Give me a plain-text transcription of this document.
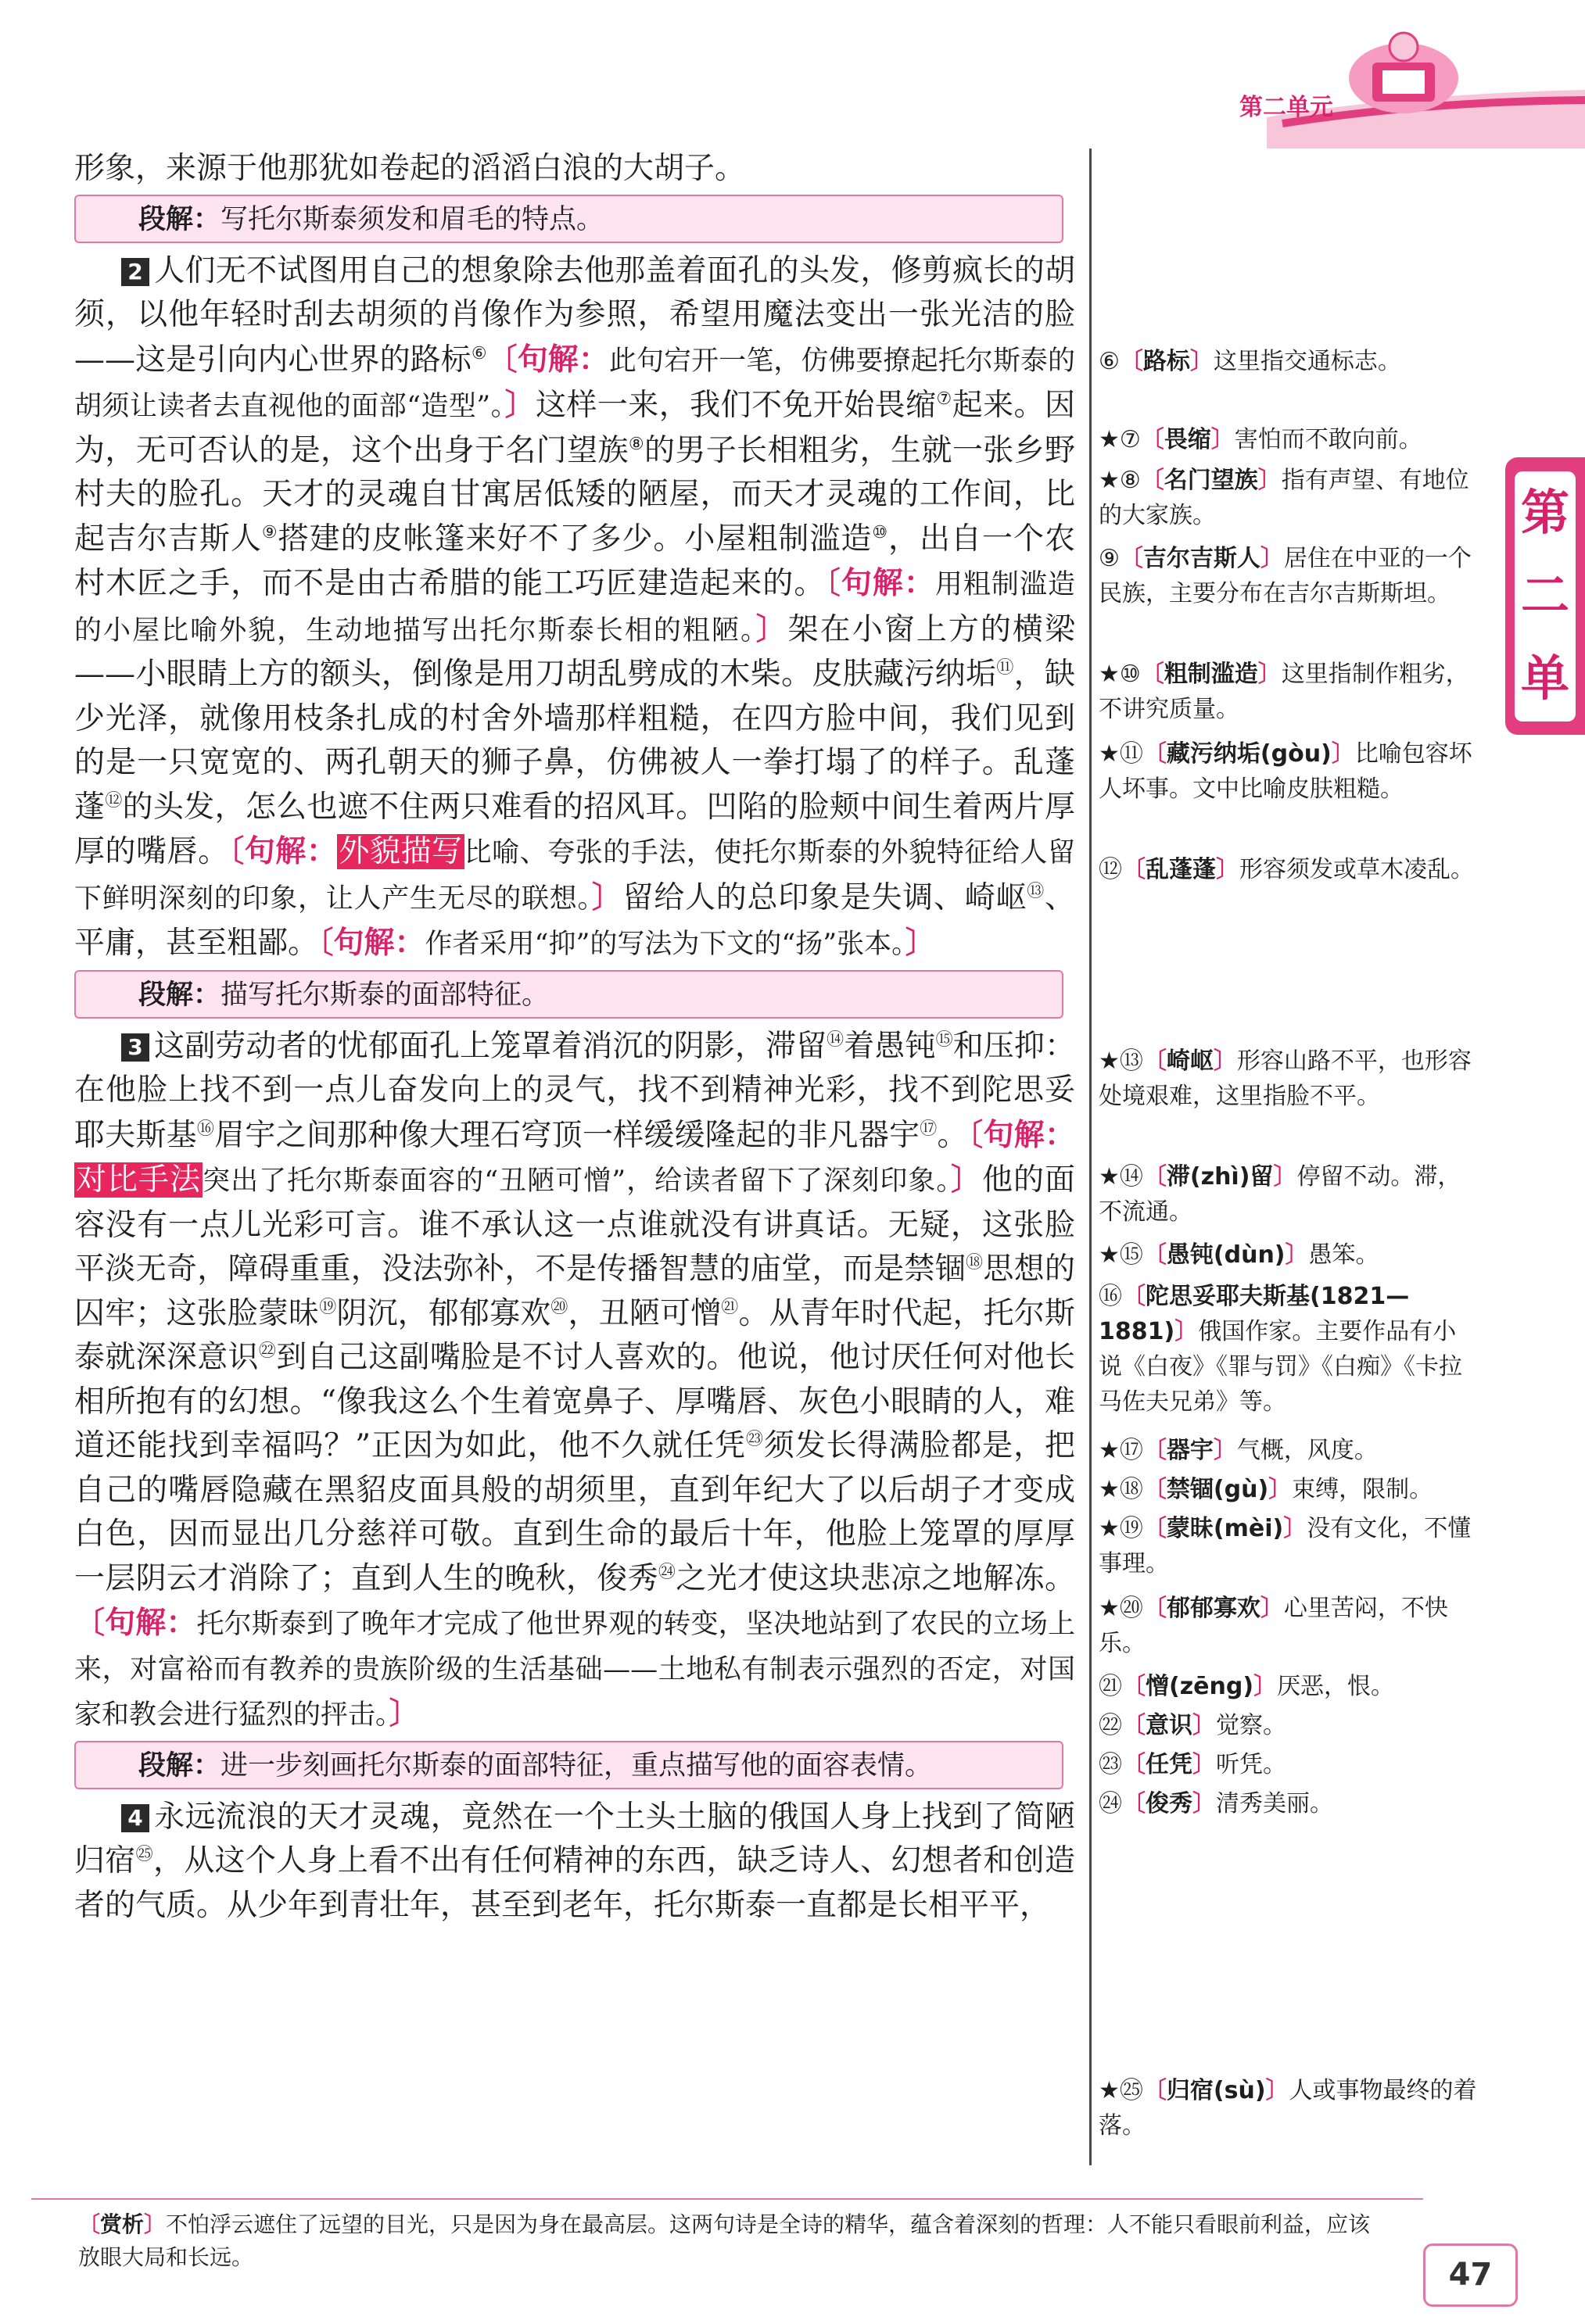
第二单元
第
二
单

形象，来源于他那犹如卷起的滔滔白浪的大胡子。

段解：写托尔斯泰须发和眉毛的特点。

2 人们无不试图用自己的想象除去他那盖着面孔的头发，修剪疯长的胡须，以他年轻时刮去胡须的肖像作为参照，希望用魔法变出一张光洁的脸——这是引向内心世界的路标⑥〔句解：此句宕开一笔，仿佛要撩起托尔斯泰的胡须让读者去直视他的面部“造型”。〕这样一来，我们不免开始畏缩⑦起来。因为，无可否认的是，这个出身于名门望族⑧的男子长相粗劣，生就一张乡野村夫的脸孔。天才的灵魂自甘寓居低矮的陋屋，而天才灵魂的工作间，比起吉尔吉斯人⑨搭建的皮帐篷来好不了多少。小屋粗制滥造⑩，出自一个农村木匠之手，而不是由古希腊的能工巧匠建造起来的。〔句解：用粗制滥造的小屋比喻外貌，生动地描写出托尔斯泰长相的粗陋。〕架在小窗上方的横梁——小眼睛上方的额头，倒像是用刀胡乱劈成的木柴。皮肤藏污纳垢⑪，缺少光泽，就像用枝条扎成的村舍外墙那样粗糙，在四方脸中间，我们见到的是一只宽宽的、两孔朝天的狮子鼻，仿佛被人一拳打塌了的样子。乱蓬蓬⑫的头发，怎么也遮不住两只难看的招风耳。凹陷的脸颊中间生着两片厚厚的嘴唇。〔句解：外貌描写比喻、夸张的手法，使托尔斯泰的外貌特征给人留下鲜明深刻的印象，让人产生无尽的联想。〕留给人的总印象是失调、崎岖⑬、平庸，甚至粗鄙。〔句解：作者采用“抑”的写法为下文的“扬”张本。〕

段解：描写托尔斯泰的面部特征。

3 这副劳动者的忧郁面孔上笼罩着消沉的阴影，滞留⑭着愚钝⑮和压抑：在他脸上找不到一点儿奋发向上的灵气，找不到精神光彩，找不到陀思妥耶夫斯基⑯眉宇之间那种像大理石穹顶一样缓缓隆起的非凡器宇⑰。〔句解：对比手法突出了托尔斯泰面容的“丑陋可憎”，给读者留下了深刻印象。〕他的面容没有一点儿光彩可言。谁不承认这一点谁就没有讲真话。无疑，这张脸平淡无奇，障碍重重，没法弥补，不是传播智慧的庙堂，而是禁锢⑱思想的囚牢；这张脸蒙昧⑲阴沉，郁郁寡欢⑳，丑陋可憎$^㉑$。从青年时代起，托尔斯泰就深深意识$^㉒$到自己这副嘴脸是不讨人喜欢的。他说，他讨厌任何对他长相所抱有的幻想。“像我这么个生着宽鼻子、厚嘴唇、灰色小眼睛的人，难道还能找到幸福吗？”正因为如此，他不久就任凭$^㉓$须发长得满脸都是，把自己的嘴唇隐藏在黑貂皮面具般的胡须里，直到年纪大了以后胡子才变成白色，因而显出几分慈祥可敬。直到生命的最后十年，他脸上笼罩的厚厚一层阴云才消除了；直到人生的晚秋，俊秀$^㉔$之光才使这块悲凉之地解冻。〔句解：托尔斯泰到了晚年才完成了他世界观的转变，坚决地站到了农民的立场上来，对富裕而有教养的贵族阶级的生活基础——土地私有制表示强烈的否定，对国家和教会进行猛烈的抨击。〕

段解：进一步刻画托尔斯泰的面部特征，重点描写他的面容表情。

4 永远流浪的天才灵魂，竟然在一个土头土脑的俄国人身上找到了简陋归宿$^㉕$，从这个人身上看不出有任何精神的东西，缺乏诗人、幻想者和创造者的气质。从少年到青壮年，甚至到老年，托尔斯泰一直都是长相平平，

⑥〔路标〕这里指交通标志。
★⑦〔畏缩〕害怕而不敢向前。
★⑧〔名门望族〕指有声望、有地位的大家族。
⑨〔吉尔吉斯人〕居住在中亚的一个民族，主要分布在吉尔吉斯斯坦。
★⑩〔粗制滥造〕这里指制作粗劣，不讲究质量。
★⑪〔藏污纳垢(gòu)〕比喻包容坏人坏事。文中比喻皮肤粗糙。
⑫〔乱蓬蓬〕形容须发或草木凌乱。
★⑬〔崎岖〕形容山路不平，也形容处境艰难，这里指脸不平。
★⑭〔滞(zhì)留〕停留不动。滞，不流通。
★⑮〔愚钝(dùn)〕愚笨。
⑯〔陀思妥耶夫斯基(1821—1881)〕俄国作家。主要作品有小说《白夜》《罪与罚》《白痴》《卡拉马佐夫兄弟》等。
★⑰〔器宇〕气概，风度。
★⑱〔禁锢(gù)〕束缚，限制。
★⑲〔蒙昧(mèi)〕没有文化，不懂事理。
★⑳〔郁郁寡欢〕心里苦闷，不快乐。
㉑〔憎(zēng)〕厌恶，恨。
㉒〔意识〕觉察。
㉓〔任凭〕听凭。
㉔〔俊秀〕清秀美丽。
★㉕〔归宿(sù)〕人或事物最终的着落。
〔赏析〕不怕浮云遮住了远望的目光，只是因为身在最高层。这两句诗是全诗的精华，蕴含着深刻的哲理：人不能只看眼前利益，应该放眼大局和长远。	47
